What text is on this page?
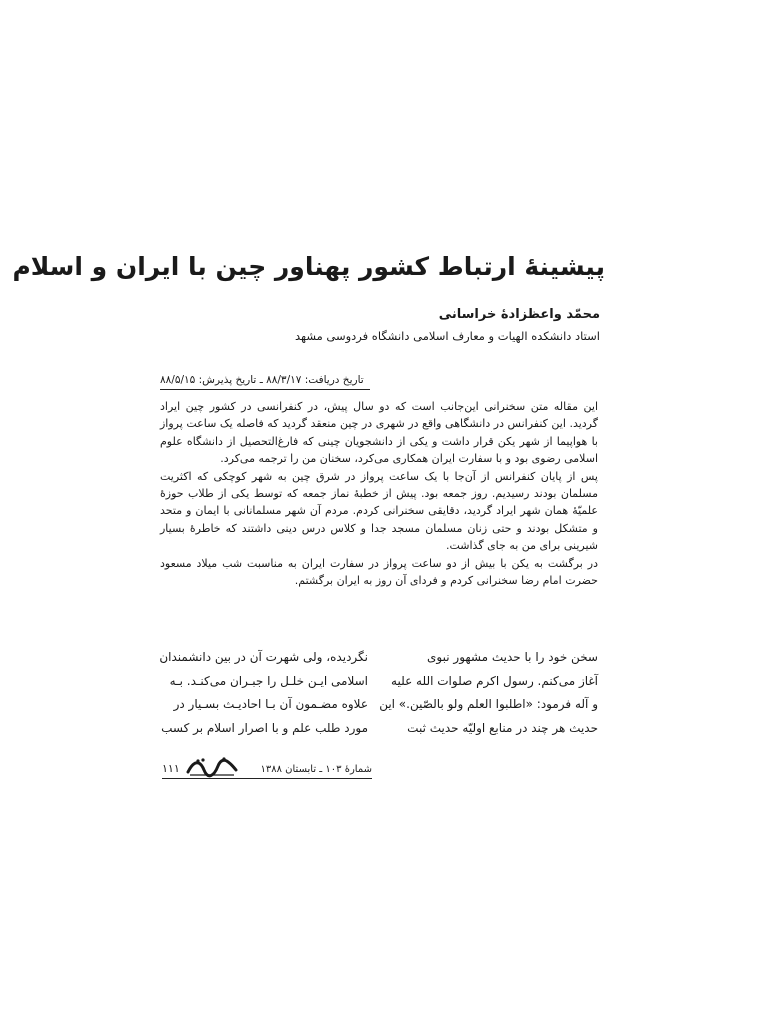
پیشینهٔ ارتباط کشور پهناور چین با ایران و اسلام
محمّد واعظزادهٔ خراسانی
استاد دانشکده الهیات و معارف اسلامی دانشگاه فردوسی مشهد
تاریخ دریافت: ۸۸/۳/۱۷ ـ تاریخ پذیرش: ۸۸/۵/۱۵

این مقاله متن سخنرانی این‌جانب است که دو سال پیش، در کنفرانسی در کشور چین ایراد گردید. این کنفرانس در دانشگاهی واقع در شهری در چین منعقد گردید که فاصله یک ساعت پرواز با هواپیما از شهر یکن قرار داشت و یکی از دانشجویان چینی که فارغ‌التحصیل از دانشگاه علوم اسلامی رضوی بود و با سفارت ایران همکاری می‌کرد، سخنان من را ترجمه می‌کرد.

پس از پایان کنفرانس از آن‌جا با یک ساعت پرواز در شرق چین به شهر کوچکی که اکثریت مسلمان بودند رسیدیم. روز جمعه بود. پیش از خطبهٔ نماز جمعه که توسط یکی از طلاب حوزهٔ علمیّهٔ همان شهر ایراد گردید، دقایقی سخنرانی کردم. مردم آن شهر مسلمانانی با ایمان و متحد و متشکل بودند و حتی زنان مسلمان مسجد جدا و کلاس درس دینی داشتند که خاطرهٔ بسیار شیرینی برای من به جای گذاشت.

در برگشت به یکن با بیش از دو ساعت پرواز در سفارت ایران به مناسبت شب میلاد مسعود حضرت امام رضا سخنرانی کردم و فردای آن روز به ایران برگشتم.

سخن خود را با حدیث مشهور نبوی
آغاز می‌کنم. رسول اکرم صلوات الله علیه
و آله فرمود: «اطلبوا العلم ولو بالصّین.» این
حدیث هر چند در منابع اولیّه حدیث ثبت
نگردیده، ولی شهرت آن در بین دانشمندان
اسلامی ایـن خلـل را جبـران می‌کنـد. بـه
علاوه مضـمون آن بـا احادیـث بسـیار در
مورد طلب علم و با اصرار اسلام بر کسب
۱۱۱	شمارهٔ ۱۰۳ ـ تابستان ۱۳۸۸
